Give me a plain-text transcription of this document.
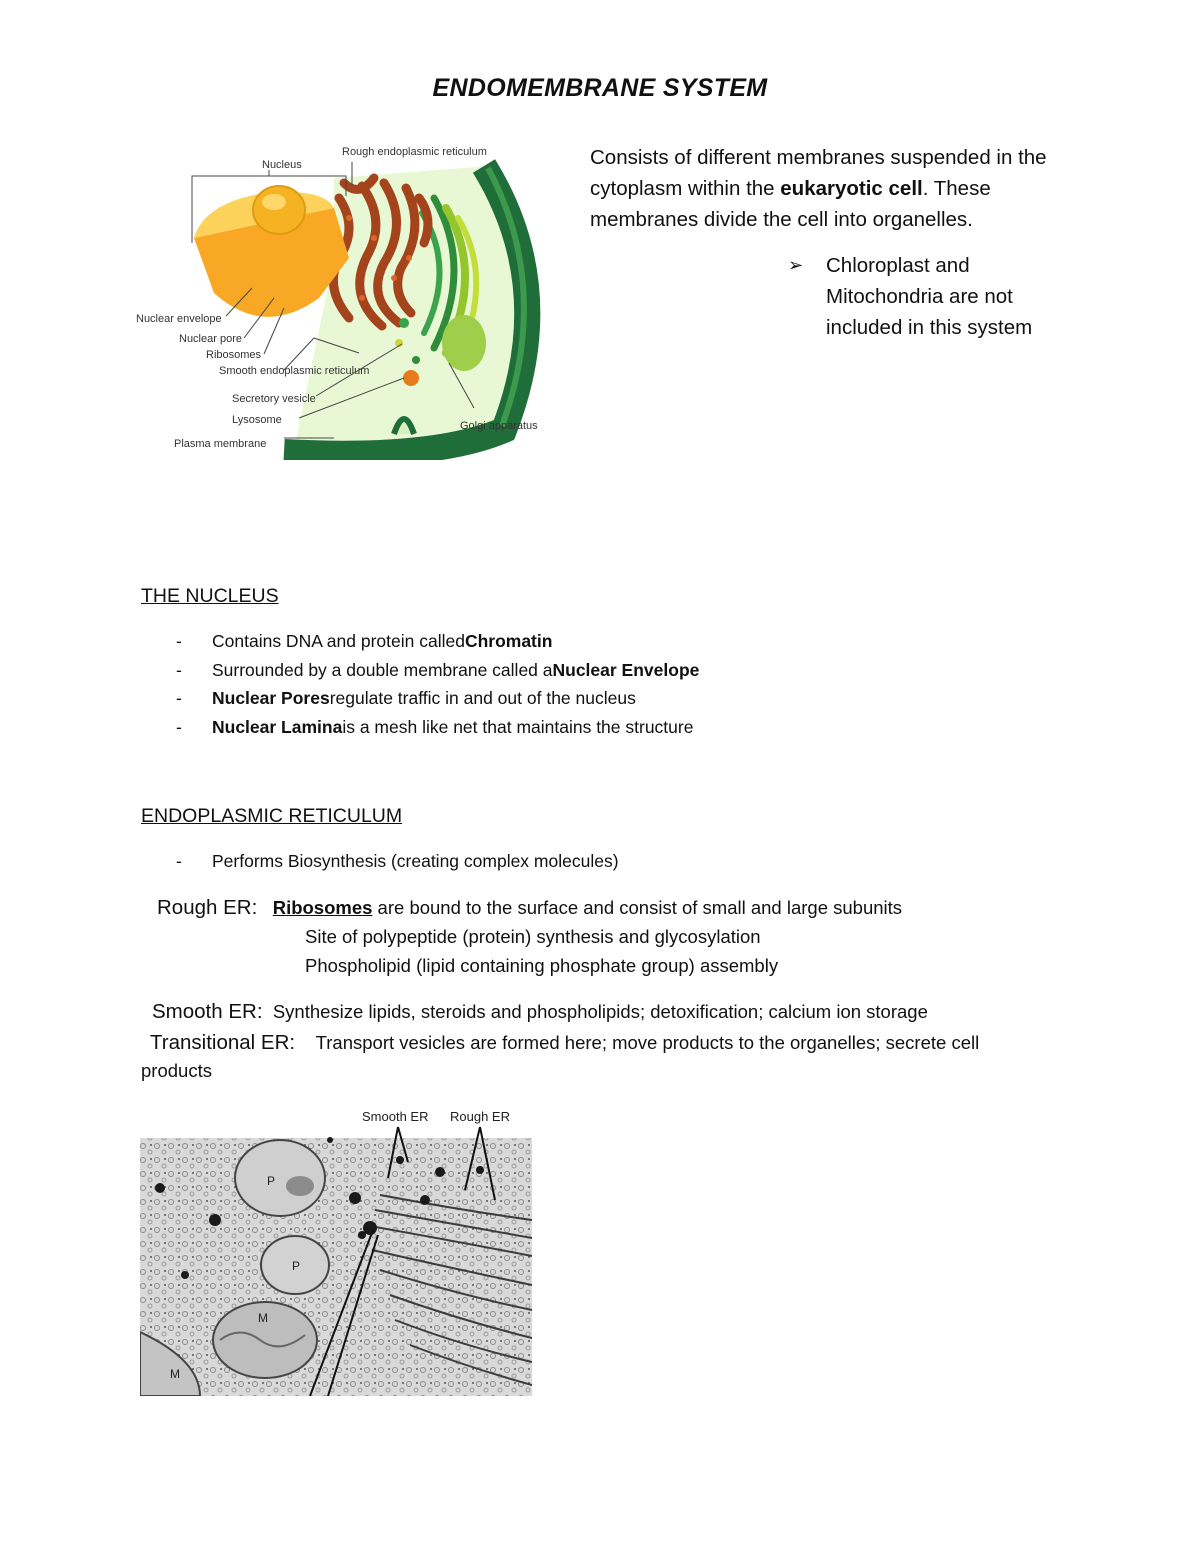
ENDOMEMBRANE SYSTEM
Nucleus
Rough endoplasmic reticulum
Nuclear envelope
Nuclear pore
Ribosomes
Smooth endoplasmic reticulum
Secretory vesicle
Lysosome
Plasma membrane
Golgi apparatus
Consists of different membranes suspended in the cytoplasm within the eukaryotic cell. These membranes divide the cell into organelles.
➢	Chloroplast and Mitochondria are not included in this system
THE NUCLEUS
-	Contains DNA and protein called Chromatin
-	Surrounded by a double membrane called a Nuclear Envelope
-	Nuclear Pores regulate traffic in and out of the nucleus
-	Nuclear Lamina is a mesh like net that maintains the structure
ENDOPLASMIC RETICULUM
-	Performs Biosynthesis (creating complex molecules)
Rough ER: Ribosomes are bound to the surface and consist of small and large subunits
Site of polypeptide (protein) synthesis and glycosylation
Phospholipid (lipid containing phosphate group) assembly
Smooth ER: Synthesize lipids, steroids and phospholipids; detoxification; calcium ion storage
Transitional ER: Transport vesicles are formed here; move products to the organelles; secrete cell
products
Smooth ER Rough ER
P
P
M
M
